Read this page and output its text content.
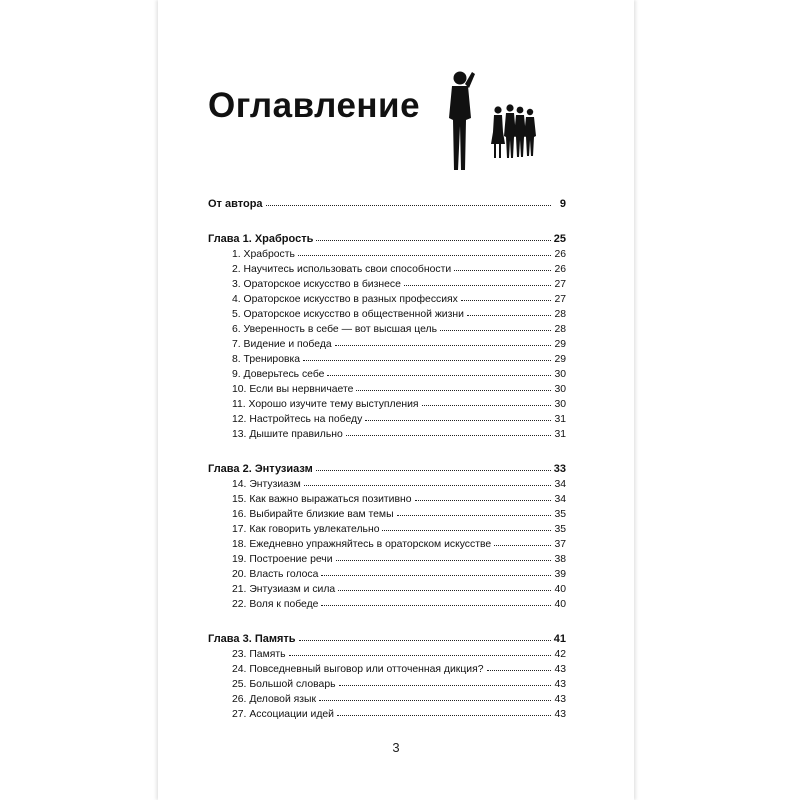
Оглавление
От автора	9
Глава 1. Храбрость	25
1. Храбрость	26
2. Научитесь использовать свои способности	26
3. Ораторское искусство в бизнесе	27
4. Ораторское искусство в разных профессиях	27
5. Ораторское искусство в общественной жизни	28
6. Уверенность в себе — вот высшая цель	28
7. Видение и победа	29
8. Тренировка	29
9. Доверьтесь себе	30
10. Если вы нервничаете	30
11. Хорошо изучите тему выступления	30
12. Настройтесь на победу	31
13. Дышите правильно	31
Глава 2. Энтузиазм	33
14. Энтузиазм	34
15. Как важно выражаться позитивно	34
16. Выбирайте близкие вам темы	35
17. Как говорить увлекательно	35
18. Ежедневно упражняйтесь в ораторском искусстве	37
19. Построение речи	38
20. Власть голоса	39
21. Энтузиазм и сила	40
22. Воля к победе	40
Глава 3. Память	41
23. Память	42
24. Повседневный выговор или отточенная дикция?	43
25. Большой словарь	43
26. Деловой язык	43
27. Ассоциации идей	43
3
